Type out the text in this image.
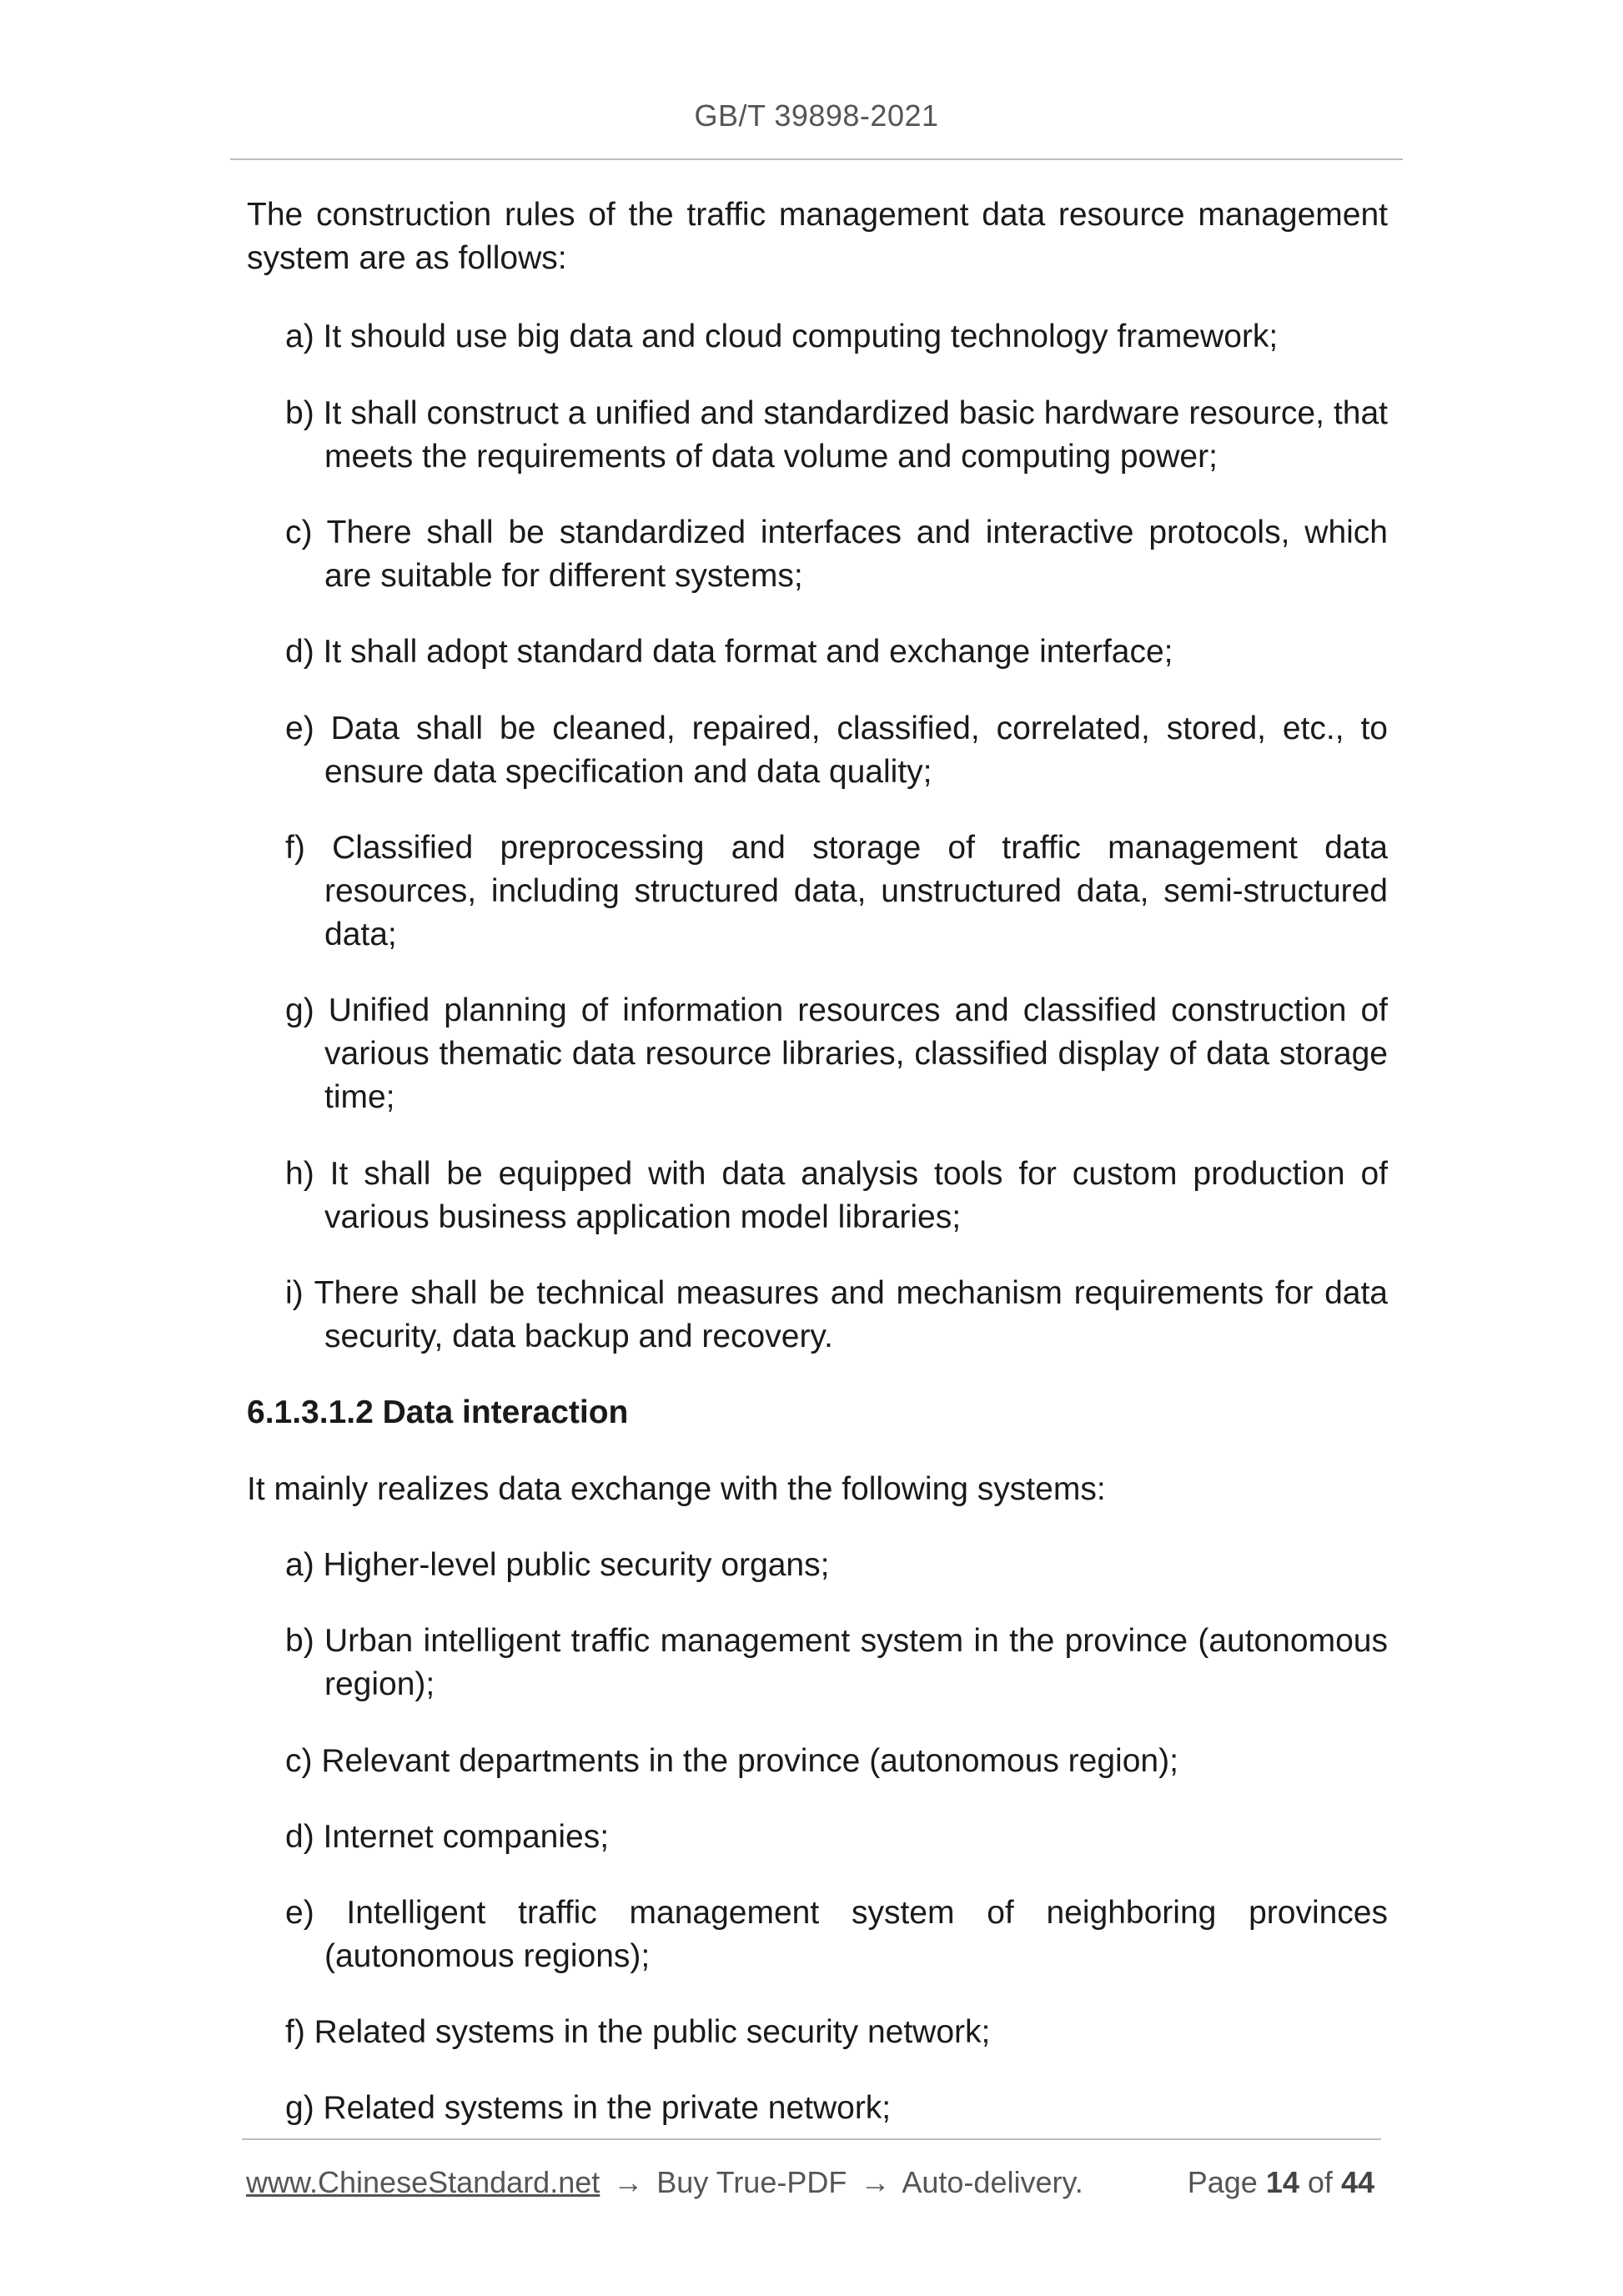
GB/T 39898-2021

The construction rules of the traffic management data resource management system are as follows:

a) It should use big data and cloud computing technology framework;

b) It shall construct a unified and standardized basic hardware resource, that meets the requirements of data volume and computing power;

c) There shall be standardized interfaces and interactive protocols, which are suitable for different systems;

d) It shall adopt standard data format and exchange interface;

e) Data shall be cleaned, repaired, classified, correlated, stored, etc., to ensure data specification and data quality;

f) Classified preprocessing and storage of traffic management data resources, including structured data, unstructured data, semi-structured data;

g) Unified planning of information resources and classified construction of various thematic data resource libraries, classified display of data storage time;

h) It shall be equipped with data analysis tools for custom production of various business application model libraries;

i) There shall be technical measures and mechanism requirements for data security, data backup and recovery.

6.1.3.1.2 Data interaction

It mainly realizes data exchange with the following systems:

a) Higher-level public security organs;

b) Urban intelligent traffic management system in the province (autonomous region);

c) Relevant departments in the province (autonomous region);

d) Internet companies;

e) Intelligent traffic management system of neighboring provinces (autonomous regions);

f) Related systems in the public security network;

g) Related systems in the private network;

www.ChineseStandard.net → Buy True-PDF → Auto-delivery.	Page 14 of 44
